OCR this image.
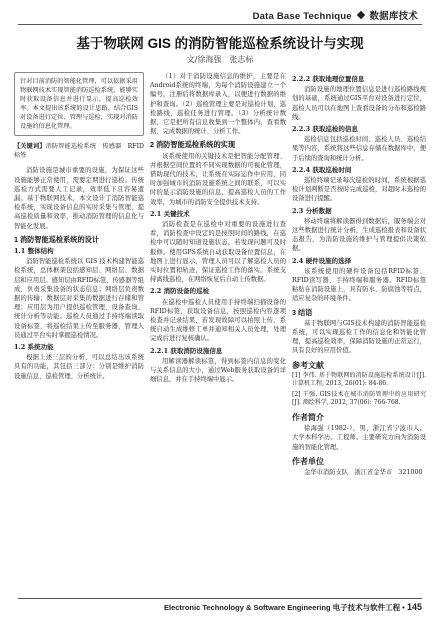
Data Base Technique 数据库技术
基于物联网 GIS 的消防智能巡检系统设计与实现
文/徐海强　张志标
针对目前消防的智能化管理，可以依据采用物联网技术实现智能消防巡检系统，能够实时获取设备信息并进行显示，提高巡检效率。本文提出该系统的设计思路，结合GIS对设备进行定位、管理与巡检，实现对消防设施的信息化管理。
【关键词】消防智能巡检系统　传感器　RFID　标签

消防设施是城市重要的设施，为保证这些设施能够正常使用，需要定期进行巡检。传统巡检方式需要人工记录，效率低下且容易遗漏。基于物联网技术，本文设计了消防智能巡检系统，实现设备信息的实时采集与管理，提高巡检质量和效率，推动消防管理的信息化与智能化发展。

1 消防智能巡检系统的设计
1.1 整体结构

消防智能巡检系统以 GIS 技术构建智能巡检系统，总体框架包括感知层、网络层、数据层和应用层。感知层由RFID标签、传感器等组成，负责采集设备的状态信息；网络层负责数据的传输；数据层对采集的数据进行存储和管理；应用层为用户提供巡检管理、设备查询、统计分析等功能。巡检人员通过手持终端读取设备标签，将巡检结果上传至服务器，管理人员通过平台实时掌握巡检情况。

1.2 系统功能

根据上述三层的分析，可以总结出该系统具有的功能，其包括三部分：分别是维护消防设施信息、巡检管理、分析统计。

（1）对于消防设施信息的维护，主要是在Android系统的终端，为每个消防设施建立一个编号，注册后将数据库录入，以便进行数据的维护和查询。（2）巡检管理主要是对巡检计划、巡检路线、巡检任务进行管理。（3）分析统计数据，它是把所有信息收集到一个整体内，查看数据、完成数据的统计、分析工作。

2 消防智能巡检系统的实现

该系统使用的关键技术是把智能分配管理、并根据空间位置的不同实现数据的可视化管理，借助现代的技术，让系统在实际运作中应用，同时加强城市的消防设施系统之间的联系，可以实时的显示消防设施的信息，提高巡检人员的工作效率，为城市的消防安全提供技术支持。

2.1 关键技术

消防检查是在巡检中对重要的设施进行查看，消防检查中设定的是按照时间的路线，在巡检中可以随时知道设施状态，若发现问题可及时报修。使用GPS系统自动获取设备位置信息，在地图上进行显示，管理人员可以了解巡检人员的实时位置和轨迹，保证巡检工作的落实。系统支持离线巡检，在网络恢复后自动上传数据。

2.2 消防设备的巡检

在巡检中巡检人员使用手持终端扫描设备的RFID标签，获取设备信息，按照巡检内容逐项检查并记录结果，若发现故障可以拍照上传，系统自动生成维修工单并通知相关人员处理，处理完成后进行复核确认。

2.2.1 获取消防设施信息

用解读器解读标签，得到标签内信息的变化与关系信息的大小，通过Web服务获取设备的详细信息，并在手持终端中显示。

2.2.2 获取地理位置信息

消防设施的地理位置信息是进行巡检路线规划的基础，系统通过GIS平台对设备进行定位，巡检人员可以在地图上查看设备的分布和巡检路线。

2.2.3 获取巡检的信息

巡检信息包括巡检时间、巡检人员、巡检结果等内容，系统将这些信息存储在数据库中，便于后续的查询和统计分析。

2.2.4 获取巡检时间

巡检终端记录每次巡检的时间，系统根据巡检计划判断是否按时完成巡检，对超时未巡检的设备进行提醒。

2.3 分析数据

移动终端将解读器得到数据后，服务端会对这些数据进行统计分析，生成巡检报表和设备状态报告，为消防设施的维护与管理提供决策依据。

2.4 硬件设施的选择

该系统使用的硬件设备包括RFID标签、RFID读写器、手持终端和服务器。RFID标签粘贴在消防设施上，具有防水、防腐蚀等特点，适应复杂的环境条件。

3 结语

基于物联网与GIS技术构建的消防智能巡检系统，可以实现巡检工作的信息化和智能化管理，提高巡检效率，保障消防设施的正常运行，具有良好的应用价值。

参考文献

[1] 李伟. 基于物联网的消防设施巡检系统设计[J]. 计算机工程, 2013, 26(01): 84-86.

[2] 王强. GIS技术在城市消防管理中的应用研究[J]. 测绘科学, 2012, 37(06): 766-768.

作者简介

徐海强（1982-），男，浙江省宁波市人。大学本科学历。工程师。主要研究方向为消防设施的智能化管理。

作者单位

金华市消防支队　浙江省金华市　321000

Electronic Technology & Software Engineering 电子技术与软件工程 • 145
